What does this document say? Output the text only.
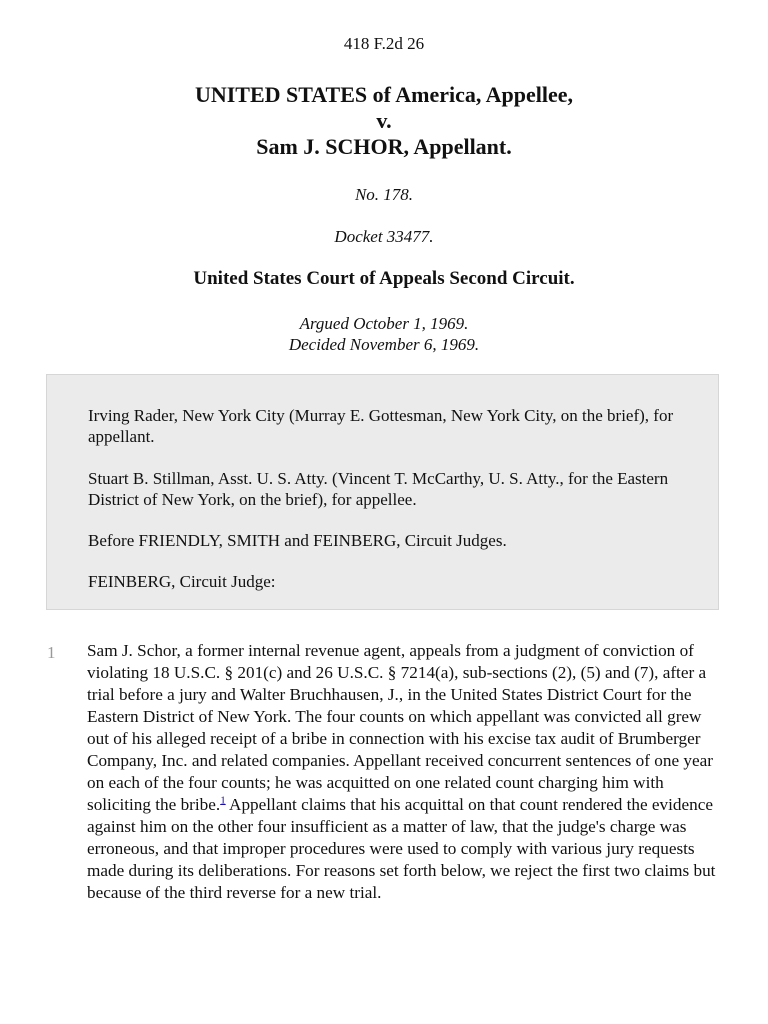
418 F.2d 26
UNITED STATES of America, Appellee,
v.
Sam J. SCHOR, Appellant.
No. 178.
Docket 33477.
United States Court of Appeals Second Circuit.
Argued October 1, 1969.
Decided November 6, 1969.

Irving Rader, New York City (Murray E. Gottesman, New York City, on the brief), for appellant.

Stuart B. Stillman, Asst. U. S. Atty. (Vincent T. McCarthy, U. S. Atty., for the Eastern District of New York, on the brief), for appellee.

Before FRIENDLY, SMITH and FEINBERG, Circuit Judges.

FEINBERG, Circuit Judge:

1 Sam J. Schor, a former internal revenue agent, appeals from a judgment of conviction of violating 18 U.S.C. § 201(c) and 26 U.S.C. § 7214(a), sub-sections (2), (5) and (7), after a trial before a jury and Walter Bruchhausen, J., in the United States District Court for the Eastern District of New York. The four counts on which appellant was convicted all grew out of his alleged receipt of a bribe in connection with his excise tax audit of Brumberger Company, Inc. and related companies. Appellant received concurrent sentences of one year on each of the four counts; he was acquitted on one related count charging him with soliciting the bribe.$^1$ Appellant claims that his acquittal on that count rendered the evidence against him on the other four insufficient as a matter of law, that the judge's charge was erroneous, and that improper procedures were used to comply with various jury requests made during its deliberations. For reasons set forth below, we reject the first two claims but because of the third reverse for a new trial.
